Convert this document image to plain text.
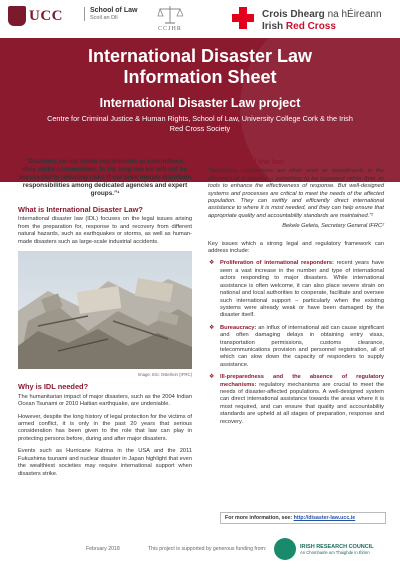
UCC	School of Law
Scoil an Dlí
CCJHR
Crois Dhearg na hÉireann
Irish Red Cross
International Disaster Law
Information Sheet
International Disaster Law project
Centre for Criminal Justice & Human Rights, School of Law, University College Cork & the Irish Red Cross Society
“Disasters do not strike departments or committees, they strike communities. In the long run we will not be successful in reducing risks if our laws merely distribute responsibilities among dedicated agencies and expert groups.”¹
What is International Disaster Law?

International disaster law (IDL) focuses on the legal issues arising from the preparation for, response to and recovery from different natural hazards, such as earthquakes or storms, as well as human-made disasters such as large-scale industrial accidents.

Image: Eric Osterlein (IFRC)
Why is IDL needed?

The humanitarian impact of major disasters, such as the 2004 Indian Ocean Tsunami or 2010 Haitian earthquake, are undeniable.

However, despite the long history of legal protection for the victims of armed conflict, it is only in the past 20 years that serious consideration has been given to the role that law can play in protecting persons before, during and after major disasters.

Events such as Hurricane Katrina in the USA and the 2011 Fukushima tsunami and nuclear disaster in Japan highlight that even the wealthiest societies may require international support when disasters strike.

Disasters and the law

“Regulatory mechanisms are often seen as impediments in the aftermath of a disaster – something to be bypassed rather than as tools to enhance the effectiveness of response. But well-designed systems and processes are critical to meet the needs of the affected population. They can swiftly and efficiently direct international assistance to where it is most needed, and they can help ensure that appropriate quality and accountability standards are maintained.”²

Bekele Geleta, Secretary General IFRC²

Key issues which a strong legal and regulatory framework can address include:

❖ Proliferation of international responders: recent years have seen a vast increase in the number and type of international actors responding to major disasters. While international assistance is often welcome, it can also place severe strain on national and local authorities to cooperate, facilitate and oversee such international support – particularly when the existing systems were already weak or have been damaged by the disaster itself.
❖ Bureaucracy: an influx of international aid can cause significant and often damaging delays in obtaining entry visas, transportation permissions, customs clearance, telecommunications provision and personnel registration, all of which can slow down the capacity of responders to supply assistance.
❖ Ill-preparedness and the absence of regulatory mechanisms: regulatory mechanisms are crucial to meet the needs of disaster-affected populations. A well-designed system can direct international assistance towards the areas where it is most required, and can ensure that quality and accountability standards are upheld at all stages of preparation, response and recovery.
For more information, see: http://disaster-law.ucc.ie
February 2018	This project is supported by generous funding from:	IRISH RESEARCH COUNCIL
An Chomhairle um Thaighde in Éirinn
